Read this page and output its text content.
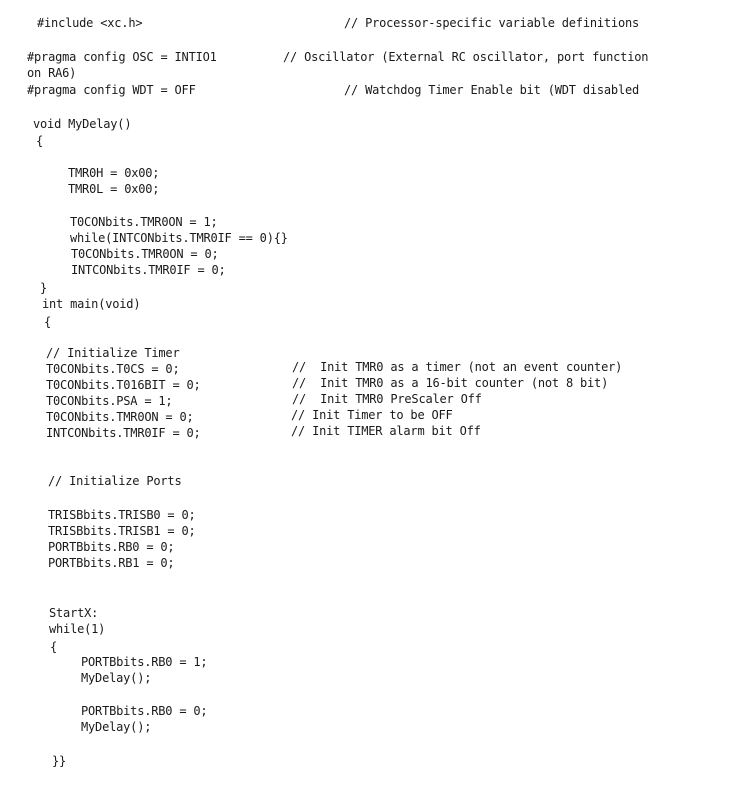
#include <xc.h>	// Processor-specific variable definitions
#pragma config OSC = INTIO1	// Oscillator (External RC oscillator, port function
on RA6)
#pragma config WDT = OFF	// Watchdog Timer Enable bit (WDT disabled
void MyDelay()
{
TMR0H = 0x00;
TMR0L = 0x00;
T0CONbits.TMR0ON = 1;
while(INTCONbits.TMR0IF == 0){}
T0CONbits.TMR0ON = 0;
INTCONbits.TMR0IF = 0;
}
int main(void)
{
// Initialize Timer
T0CONbits.T0CS = 0;	//  Init TMR0 as a timer (not an event counter)
T0CONbits.T016BIT = 0;	//  Init TMR0 as a 16-bit counter (not 8 bit)
T0CONbits.PSA = 1;	//  Init TMR0 PreScaler Off
T0CONbits.TMR0ON = 0;	// Init Timer to be OFF
INTCONbits.TMR0IF = 0;	// Init TIMER alarm bit Off
// Initialize Ports
TRISBbits.TRISB0 = 0;
TRISBbits.TRISB1 = 0;
PORTBbits.RB0 = 0;
PORTBbits.RB1 = 0;
StartX:
while(1)
{
PORTBbits.RB0 = 1;
MyDelay();
PORTBbits.RB0 = 0;
MyDelay();
}}
